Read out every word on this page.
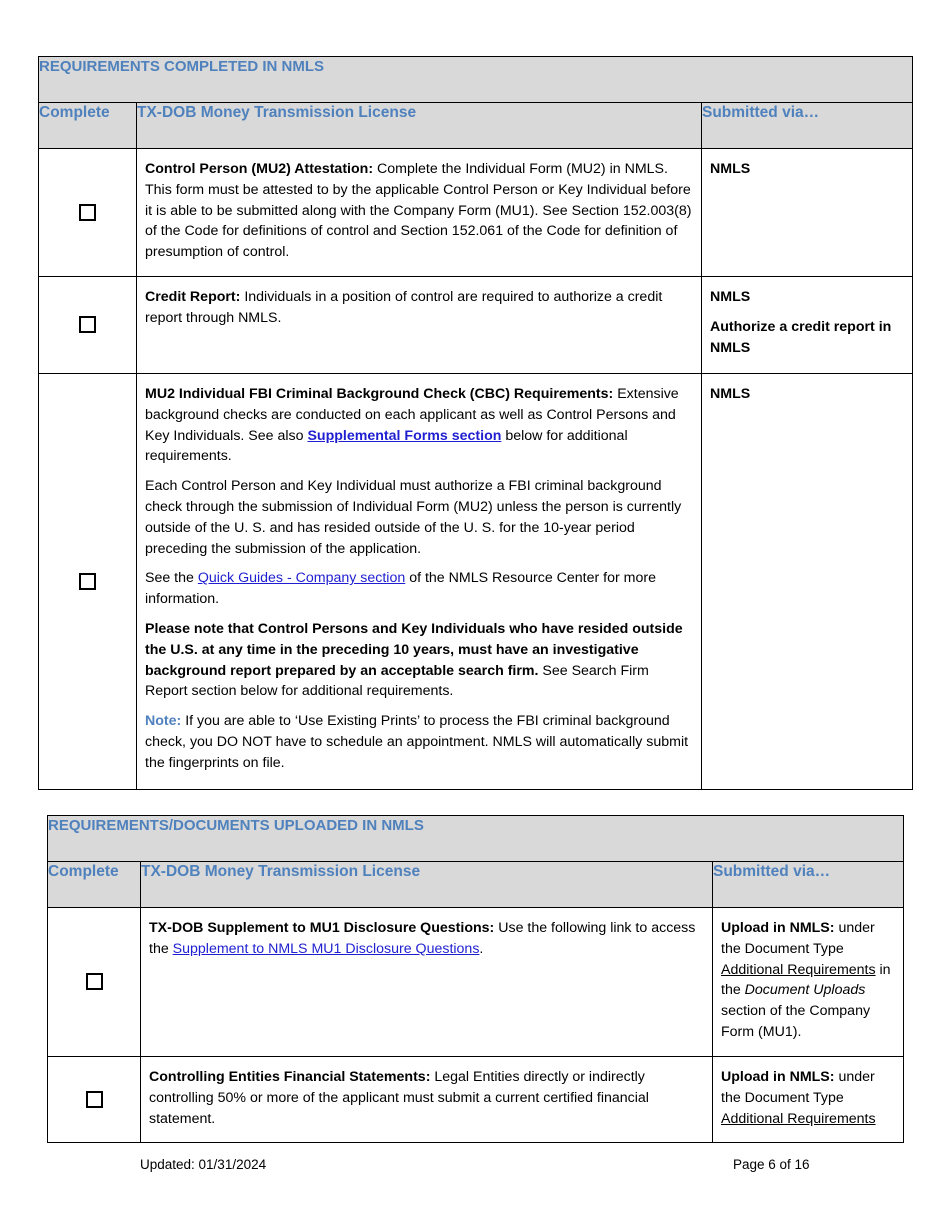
REQUIREMENTS COMPLETED IN NMLS		
Complete	TX-DOB Money Transmission License	Submitted via…
	Control Person (MU2) Attestation: Complete the Individual Form (MU2) in NMLS. This form must be attested to by the applicable Control Person or Key Individual before it is able to be submitted along with the Company Form (MU1). See Section 152.003(8) of the Code for definitions of control and Section 152.061 of the Code for definition of presumption of control.	NMLS

	Credit Report: Individuals in a position of control are required to authorize a credit report through NMLS.	NMLS

Authorize a credit report in NMLS

	MU2 Individual FBI Criminal Background Check (CBC) Requirements: Extensive background checks are conducted on each applicant as well as Control Persons and Key Individuals. See also Supplemental Forms section below for additional requirements.

Each Control Person and Key Individual must authorize a FBI criminal background check through the submission of Individual Form (MU2) unless the person is currently outside of the U. S. and has resided outside of the U. S. for the 10-year period preceding the submission of the application.

See the Quick Guides - Company section of the NMLS Resource Center for more information.

Please note that Control Persons and Key Individuals who have resided outside the U.S. at any time in the preceding 10 years, must have an investigative background report prepared by an acceptable search firm. See Search Firm Report section below for additional requirements.

Note: If you are able to ‘Use Existing Prints’ to process the FBI criminal background check, you DO NOT have to schedule an appointment. NMLS will automatically submit the fingerprints on file.	NMLS

REQUIREMENTS/DOCUMENTS UPLOADED IN NMLS		
Complete	TX-DOB Money Transmission License	Submitted via…
	TX-DOB Supplement to MU1 Disclosure Questions: Use the following link to access the Supplement to NMLS MU1 Disclosure Questions.	Upload in NMLS: under the Document Type Additional Requirements in the Document Uploads section of the Company Form (MU1).
	Controlling Entities Financial Statements: Legal Entities directly or indirectly controlling 50% or more of the applicant must submit a current certified financial statement.	Upload in NMLS: under the Document Type Additional Requirements
Updated: 01/31/2024	Page 6 of 16
